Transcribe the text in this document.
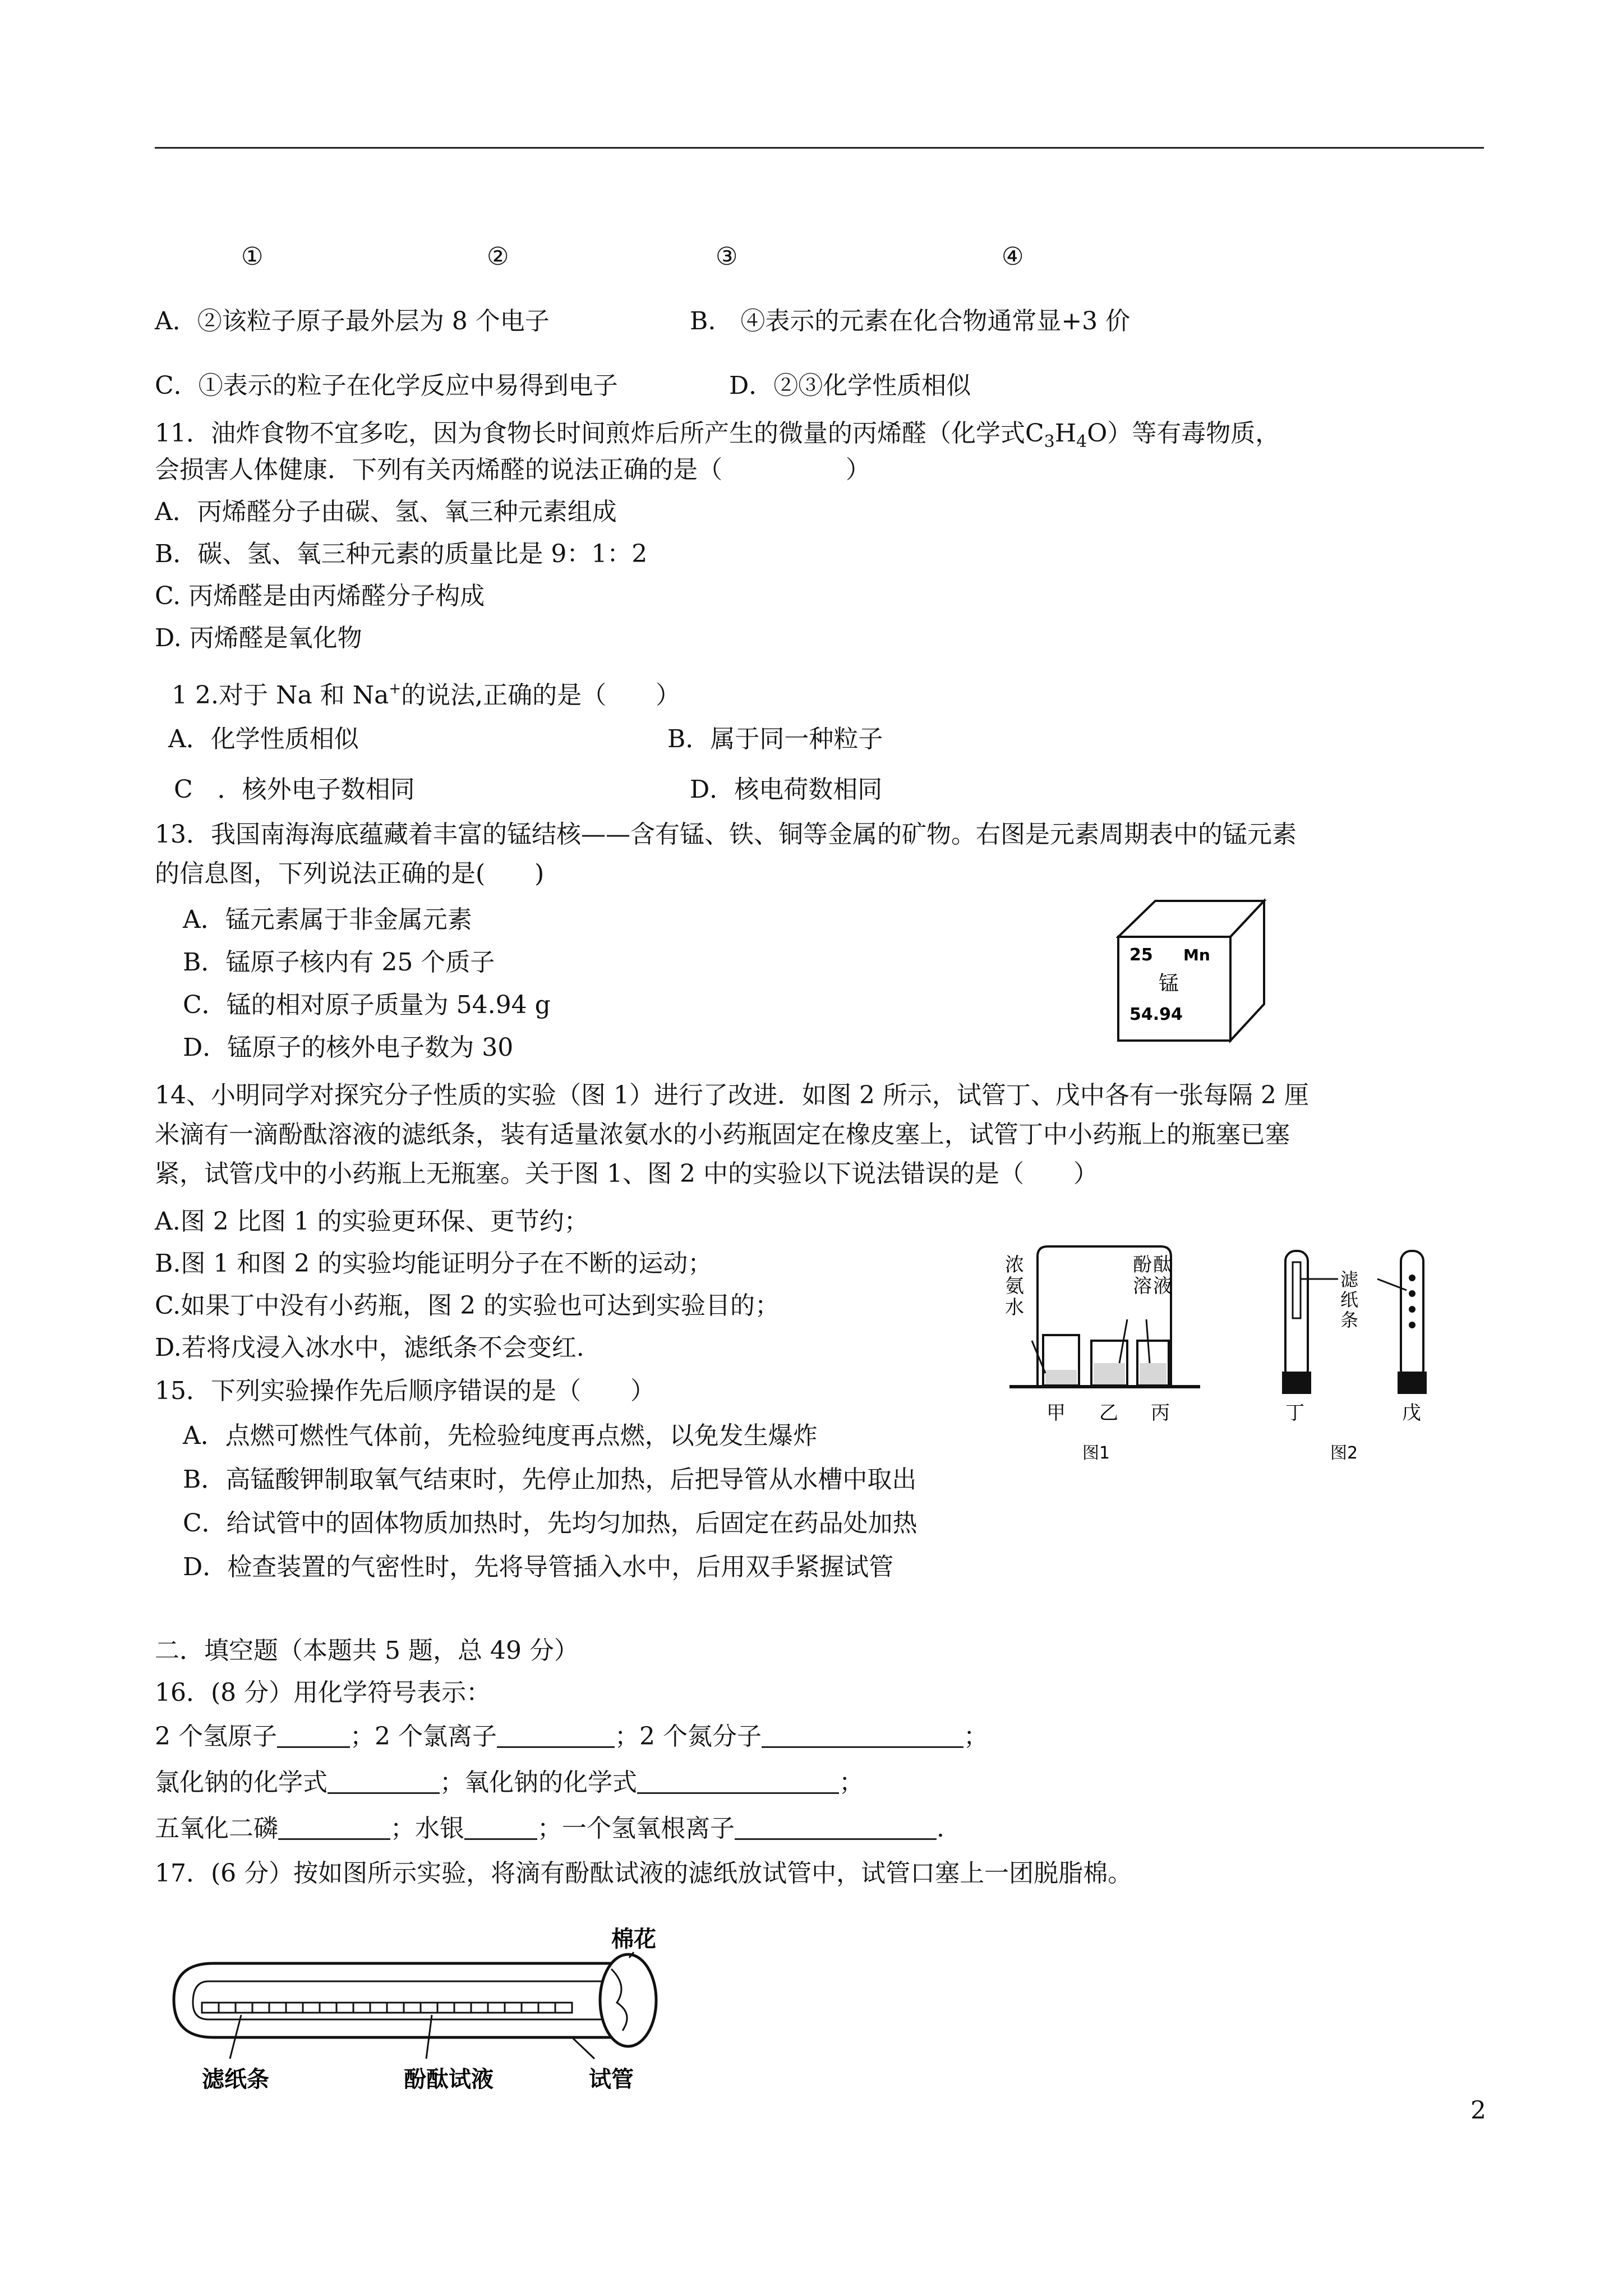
①	②	③	④
A．②该粒子原子最外层为 8 个电子	B.　④表示的元素在化合物通常显+3 价
C．①表示的粒子在化学反应中易得到电子	D．②③化学性质相似
11．油炸食物不宜多吃，因为食物长时间煎炸后所产生的微量的丙烯醛（化学式$C_3H_4O$）等有毒物质，
会损害人体健康．下列有关丙烯醛的说法正确的是（　　　　　）
A．丙烯醛分子由碳、氢、氧三种元素组成
B．碳、氢、氧三种元素的质量比是 9：1：2
C. 丙烯醛是由丙烯醛分子构成
D. 丙烯醛是氧化物
1 2.对于 Na 和 Na+的说法,正确的是（　　）
A．化学性质相似	B．属于同一种粒子
C　．核外电子数相同	D．核电荷数相同
13．我国南海海底蕴藏着丰富的锰结核——含有锰、铁、铜等金属的矿物。右图是元素周期表中的锰元素
的信息图，下列说法正确的是(　　)
A．锰元素属于非金属元素
B．锰原子核内有 25 个质子
C．锰的相对原子质量为 54.94 g
D．锰原子的核外电子数为 30
25 Mn
锰
54.94
14、小明同学对探究分子性质的实验（图 1）进行了改进．如图 2 所示，试管丁、戊中各有一张每隔 2 厘
米滴有一滴酚酞溶液的滤纸条，装有适量浓氨水的小药瓶固定在橡皮塞上，试管丁中小药瓶上的瓶塞已塞
紧，试管戊中的小药瓶上无瓶塞。关于图 1、图 2 中的实验以下说法错误的是（　　）
A.图 2 比图 1 的实验更环保、更节约；
B.图 1 和图 2 的实验均能证明分子在不断的运动；
C.如果丁中没有小药瓶，图 2 的实验也可达到实验目的；
D.若将戊浸入冰水中，滤纸条不会变红.
浓
氨
水
酚 酞
溶 液
甲 乙 丙
图1
滤
纸
条
丁	戊
图2
15．下列实验操作先后顺序错误的是（　　）
A．点燃可燃性气体前，先检验纯度再点燃，以免发生爆炸
B．高锰酸钾制取氧气结束时，先停止加热，后把导管从水槽中取出
C．给试管中的固体物质加热时，先均匀加热，后固定在药品处加热
D．检查装置的气密性时，先将导管插入水中，后用双手紧握试管
二．填空题（本题共 5 题，总 49 分）
16．(8 分）用化学符号表示：
2 个氢原子	；2 个氯离子	；2 个氮分子	；
氯化钠的化学式	；氧化钠的化学式	；
五氧化二磷	；水银	；一个氢氧根离子	.
17．(6 分）按如图所示实验，将滴有酚酞试液的滤纸放试管中，试管口塞上一团脱脂棉。
棉花
滤纸条	酚酞试液	试管
2
